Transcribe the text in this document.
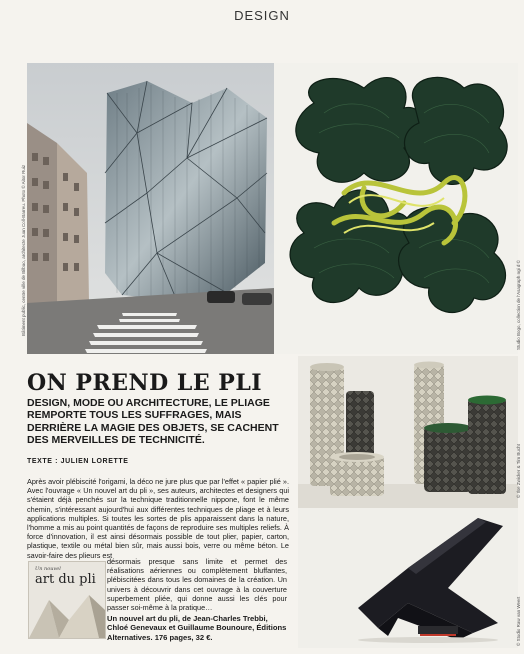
DESIGN
Bâtiment public, centre ville de Bilbao, architecte Juan Coll-Barreu. Photo © Aitor Ruiz	Studio Bogo, collection de l'Asagraph ngi d ©
© Ilse Zwicker & Tim Bucht
© Studio Raw van Weert
ON PREND LE PLI
DESIGN, MODE OU ARCHITECTURE, LE PLIAGE REMPORTE TOUS LES SUFFRAGES, MAIS DERRIÈRE LA MAGIE DES OBJETS, SE CACHENT DES MERVEILLES DE TECHNICITÉ.
TEXTE : JULIEN LORETTE
Après avoir plébiscité l'origami, la déco ne jure plus que par l'effet « papier plié ». Avec l'ouvrage « Un nouvel art du pli », ses auteurs, architectes et designers qui s'étaient déjà penchés sur la technique traditionnelle nippone, font le même chemin, s'intéressant aujourd'hui aux différentes techniques de pliage et à leurs applications multiples. Si toutes les sortes de plis apparaissent dans la nature, l'homme a mis au point quantités de façons de reproduire ses multiples reliefs. À force d'innovation, il est ainsi désormais possible de tout plier, papier, carton, plastique, textile ou métal bien sûr, mais aussi bois, verre ou même béton. Le savoir-faire des plieurs est
désormais presque sans limite et permet des réalisations aériennes ou complètement bluffantes, plébiscitées dans tous les domaines de la création. Un univers à découvrir dans cet ouvrage à la couverture superbement pliée, qui donne aussi les clés pour passer soi-même à la pratique…
Un nouvel
art du pli
Un nouvel art du pli, de Jean-Charles Trebbi, Chloé Genevaux et Guillaume Bounoure, Éditions Alternatives. 176 pages, 32 €.
